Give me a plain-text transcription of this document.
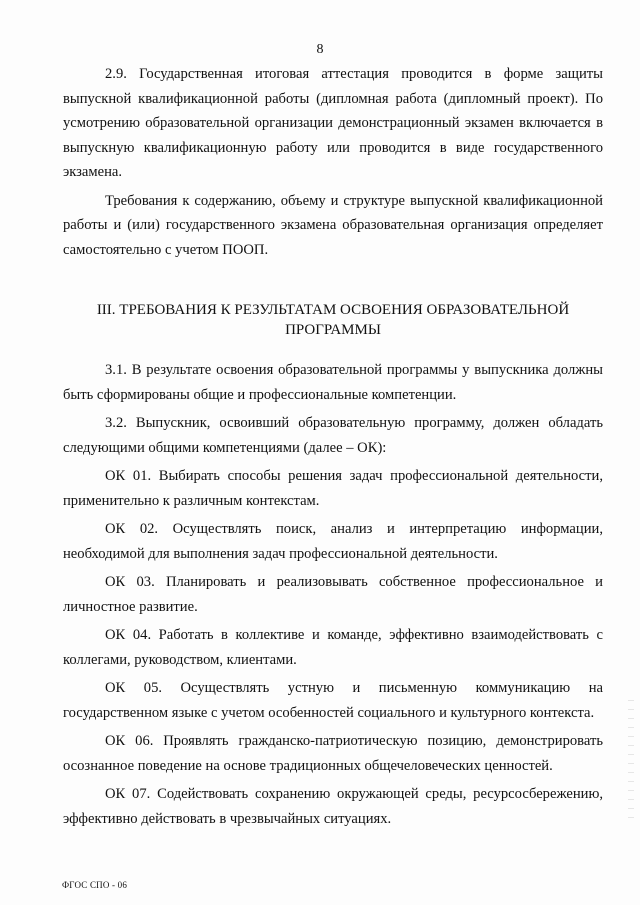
8

2.9. Государственная итоговая аттестация проводится в форме защиты выпускной квалификационной работы (дипломная работа (дипломный проект). По усмотрению образовательной организации демонстрационный экзамен включается в выпускную квалификационную работу или проводится в виде государственного экзамена.

Требования к содержанию, объему и структуре выпускной квалификационной работы и (или) государственного экзамена образовательная организация определяет самостоятельно с учетом ПООП.

III. ТРЕБОВАНИЯ К РЕЗУЛЬТАТАМ ОСВОЕНИЯ ОБРАЗОВАТЕЛЬНОЙ
ПРОГРАММЫ

3.1. В результате освоения образовательной программы у выпускника должны быть сформированы общие и профессиональные компетенции.

3.2. Выпускник, освоивший образовательную программу, должен обладать следующими общими компетенциями (далее – ОК):

ОК 01. Выбирать способы решения задач профессиональной деятельности, применительно к различным контекстам.

ОК 02. Осуществлять поиск, анализ и интерпретацию информации, необходимой для выполнения задач профессиональной деятельности.

ОК 03. Планировать и реализовывать собственное профессиональное и личностное развитие.

ОК 04. Работать в коллективе и команде, эффективно взаимодействовать с коллегами, руководством, клиентами.

ОК 05. Осуществлять устную и письменную коммуникацию на государственном языке с учетом особенностей социального и культурного контекста.

ОК 06. Проявлять гражданско-патриотическую позицию, демонстрировать осознанное поведение на основе традиционных общечеловеческих ценностей.

ОК 07. Содействовать сохранению окружающей среды, ресурсосбережению, эффективно действовать в чрезвычайных ситуациях.

ФГОС СПО - 06
